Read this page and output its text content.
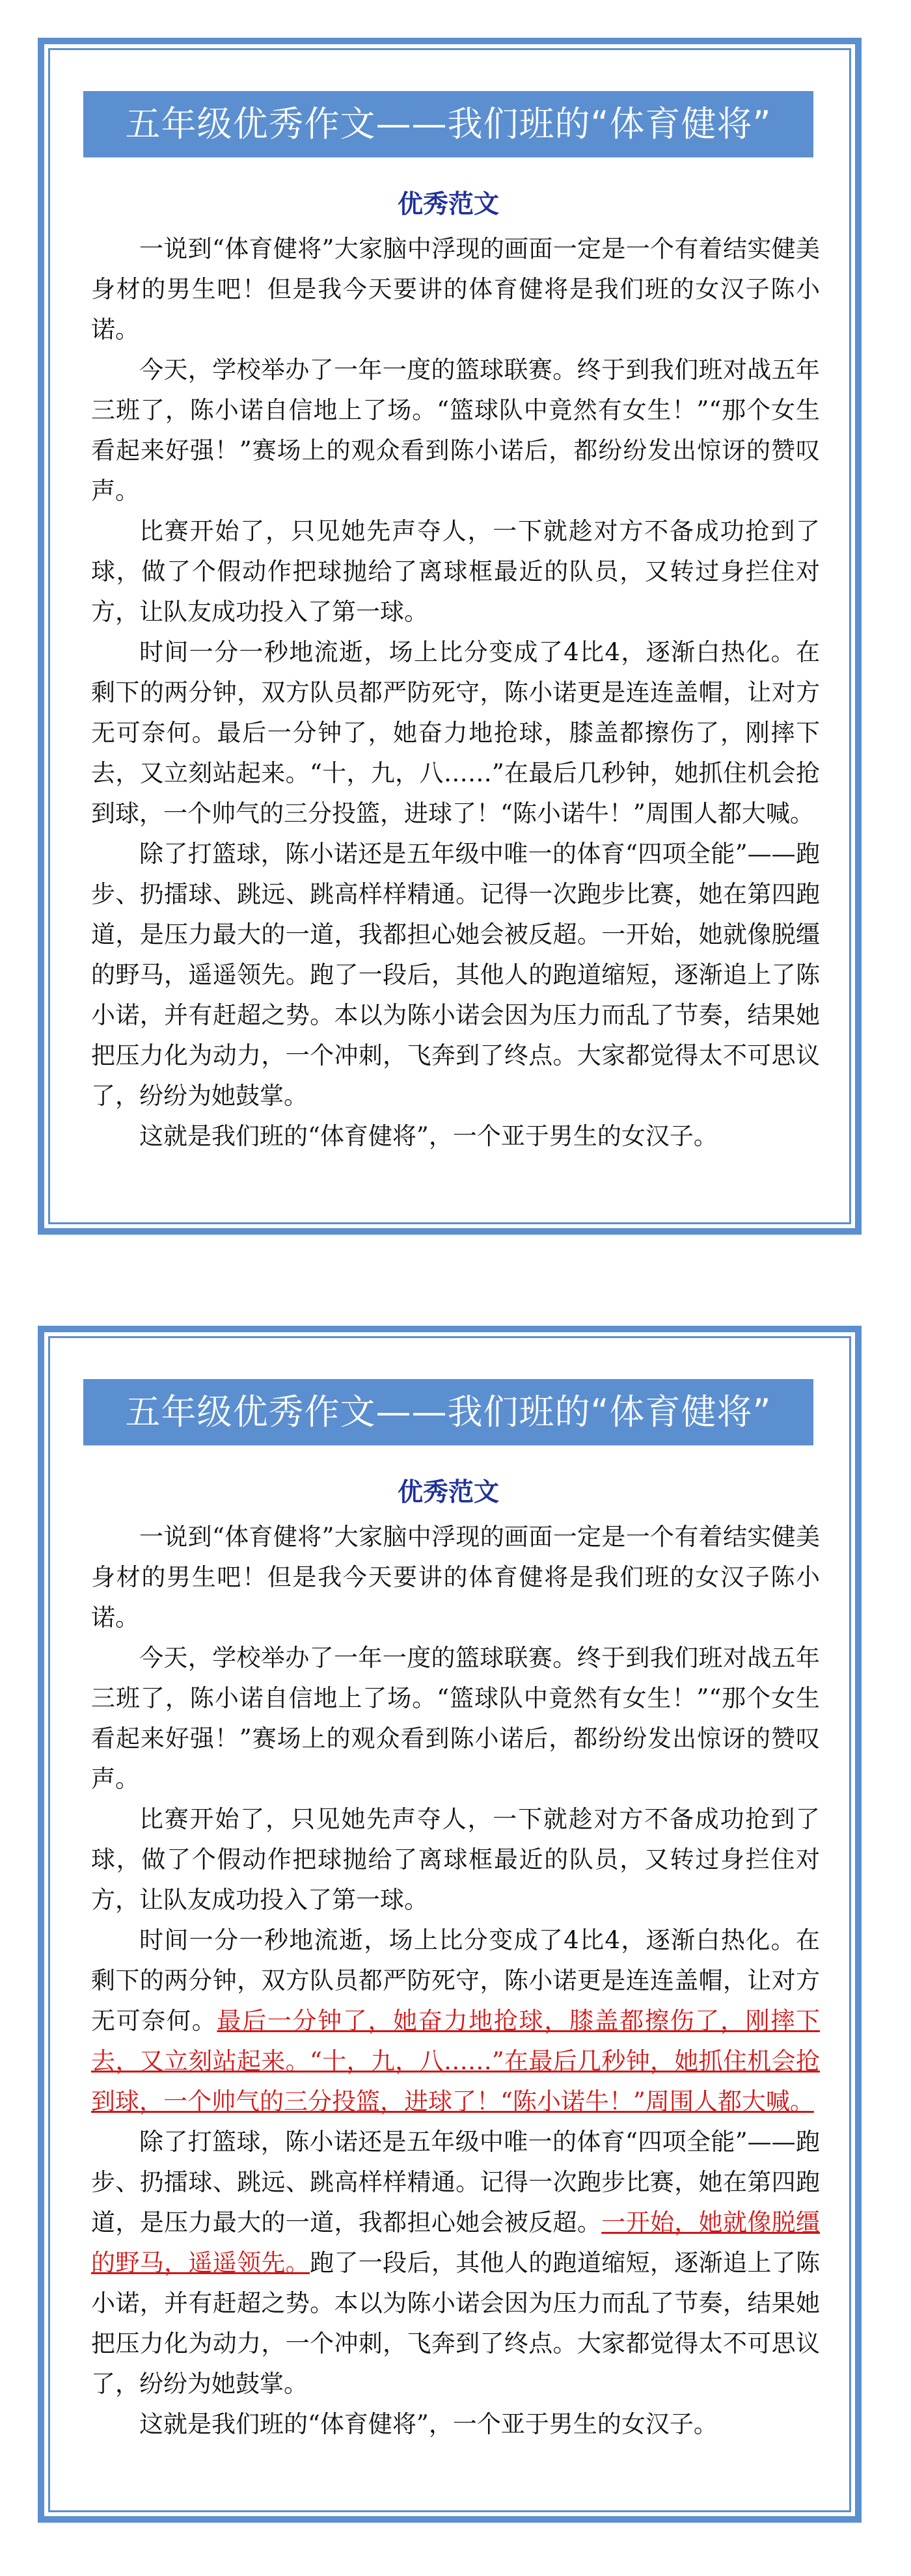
五年级优秀作文——我们班的“体育健将”
优秀范文

一说到“体育健将”大家脑中浮现的画面一定是一个有着结实健美身材的男生吧！但是我今天要讲的体育健将是我们班的女汉子陈小诺。

今天，学校举办了一年一度的篮球联赛。终于到我们班对战五年三班了，陈小诺自信地上了场。“篮球队中竟然有女生！”“那个女生看起来好强！”赛场上的观众看到陈小诺后，都纷纷发出惊讶的赞叹声。

比赛开始了，只见她先声夺人，一下就趁对方不备成功抢到了球，做了个假动作把球抛给了离球框最近的队员，又转过身拦住对方，让队友成功投入了第一球。

时间一分一秒地流逝，场上比分变成了4比4，逐渐白热化。在剩下的两分钟，双方队员都严防死守，陈小诺更是连连盖帽，让对方无可奈何。最后一分钟了，她奋力地抢球，膝盖都擦伤了，刚摔下去，又立刻站起来。“十，九，八……”在最后几秒钟，她抓住机会抢到球，一个帅气的三分投篮，进球了！“陈小诺牛！”周围人都大喊。

除了打篮球，陈小诺还是五年级中唯一的体育“四项全能”——跑步、扔擂球、跳远、跳高样样精通。记得一次跑步比赛，她在第四跑道，是压力最大的一道，我都担心她会被反超。一开始，她就像脱缰的野马，遥遥领先。跑了一段后，其他人的跑道缩短，逐渐追上了陈小诺，并有赶超之势。本以为陈小诺会因为压力而乱了节奏，结果她把压力化为动力，一个冲刺，飞奔到了终点。大家都觉得太不可思议了，纷纷为她鼓掌。

这就是我们班的“体育健将”，一个亚于男生的女汉子。

五年级优秀作文——我们班的“体育健将”
优秀范文

一说到“体育健将”大家脑中浮现的画面一定是一个有着结实健美身材的男生吧！但是我今天要讲的体育健将是我们班的女汉子陈小诺。

今天，学校举办了一年一度的篮球联赛。终于到我们班对战五年三班了，陈小诺自信地上了场。“篮球队中竟然有女生！”“那个女生看起来好强！”赛场上的观众看到陈小诺后，都纷纷发出惊讶的赞叹声。

比赛开始了，只见她先声夺人，一下就趁对方不备成功抢到了球，做了个假动作把球抛给了离球框最近的队员，又转过身拦住对方，让队友成功投入了第一球。

时间一分一秒地流逝，场上比分变成了4比4，逐渐白热化。在剩下的两分钟，双方队员都严防死守，陈小诺更是连连盖帽，让对方无可奈何。最后一分钟了，她奋力地抢球，膝盖都擦伤了，刚摔下去，又立刻站起来。“十，九，八……”在最后几秒钟，她抓住机会抢到球，一个帅气的三分投篮，进球了！“陈小诺牛！”周围人都大喊。

除了打篮球，陈小诺还是五年级中唯一的体育“四项全能”——跑步、扔擂球、跳远、跳高样样精通。记得一次跑步比赛，她在第四跑道，是压力最大的一道，我都担心她会被反超。一开始，她就像脱缰的野马，遥遥领先。跑了一段后，其他人的跑道缩短，逐渐追上了陈小诺，并有赶超之势。本以为陈小诺会因为压力而乱了节奏，结果她把压力化为动力，一个冲刺，飞奔到了终点。大家都觉得太不可思议了，纷纷为她鼓掌。

这就是我们班的“体育健将”，一个亚于男生的女汉子。
